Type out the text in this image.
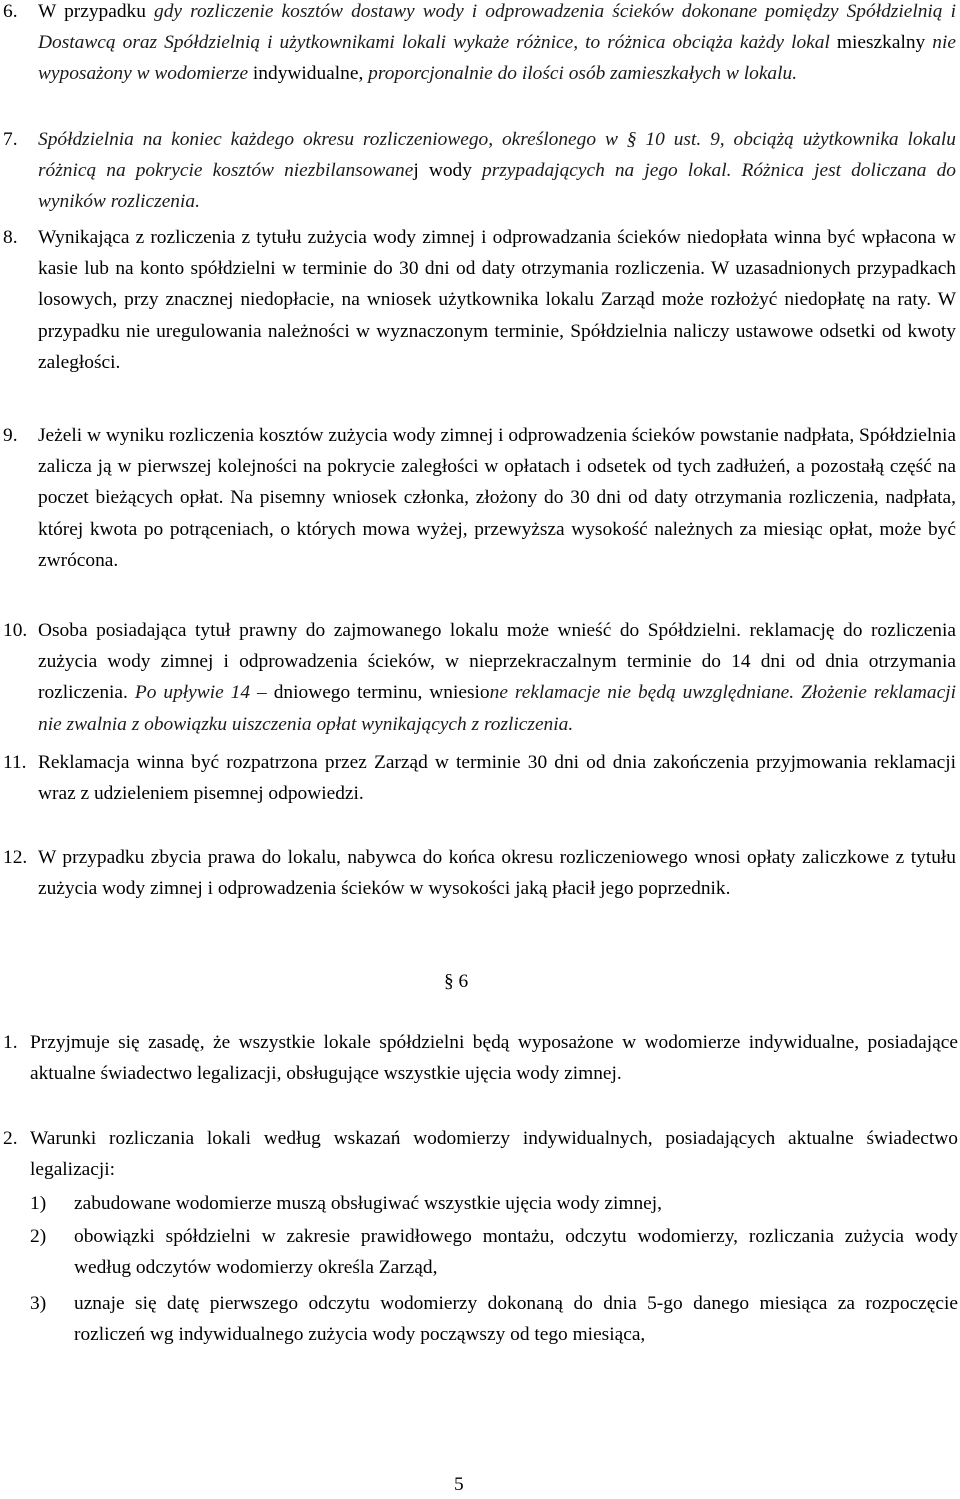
6. W przypadku gdy rozliczenie kosztów dostawy wody i odprowadzenia ścieków dokonane pomiędzy Spółdzielnią i Dostawcą oraz Spółdzielnią i użytkownikami lokali wykaże różnice, to różnica obciąża każdy lokal mieszkalny nie wyposażony w wodomierze indywidualne, proporcjonalnie do ilości osób zamieszkałych w lokalu.
7. Spółdzielnia na koniec każdego okresu rozliczeniowego, określonego w § 10 ust. 9, obciążą użytkownika lokalu różnicą na pokrycie kosztów niezbilansowanej wody przypadających na jego lokal. Różnica jest doliczana do wyników rozliczenia.
8. Wynikająca z rozliczenia z tytułu zużycia wody zimnej i odprowadzania ścieków niedopłata winna być wpłacona w kasie lub na konto spółdzielni w terminie do 30 dni od daty otrzymania rozliczenia. W uzasadnionych przypadkach losowych, przy znacznej niedopłacie, na wniosek użytkownika lokalu Zarząd może rozłożyć niedopłatę na raty. W przypadku nie uregulowania należności w wyznaczonym terminie, Spółdzielnia naliczy ustawowe odsetki od kwoty zaległości.
9. Jeżeli w wyniku rozliczenia kosztów zużycia wody zimnej i odprowadzenia ścieków powstanie nadpłata, Spółdzielnia zalicza ją w pierwszej kolejności na pokrycie zaległości w opłatach i odsetek od tych zadłużeń, a pozostałą część na poczet bieżących opłat. Na pisemny wniosek członka, złożony do 30 dni od daty otrzymania rozliczenia, nadpłata, której kwota po potrąceniach, o których mowa wyżej, przewyższa wysokość należnych za miesiąc opłat, może być zwrócona.
10. Osoba posiadająca tytuł prawny do zajmowanego lokalu może wnieść do Spółdzielni. reklamację do rozliczenia zużycia wody zimnej i odprowadzenia ścieków, w nieprzekraczalnym terminie do 14 dni od dnia otrzymania rozliczenia. Po upływie 14 – dniowego terminu, wniesione reklamacje nie będą uwzględniane. Złożenie reklamacji nie zwalnia z obowiązku uiszczenia opłat wynikających z rozliczenia.
11. Reklamacja winna być rozpatrzona przez Zarząd w terminie 30 dni od dnia zakończenia przyjmowania reklamacji wraz z udzieleniem pisemnej odpowiedzi.
12. W przypadku zbycia prawa do lokalu, nabywca do końca okresu rozliczeniowego wnosi opłaty zaliczkowe z tytułu zużycia wody zimnej i odprowadzenia ścieków w wysokości jaką płacił jego poprzednik.
§ 6
1. Przyjmuje się zasadę, że wszystkie lokale spółdzielni będą wyposażone w wodomierze indywidualne, posiadające aktualne świadectwo legalizacji, obsługujące wszystkie ujęcia wody zimnej.
2. Warunki rozliczania lokali według wskazań wodomierzy indywidualnych, posiadających aktualne świadectwo legalizacji:
1) zabudowane wodomierze muszą obsługiwać wszystkie ujęcia wody zimnej,
2) obowiązki spółdzielni w zakresie prawidłowego montażu, odczytu wodomierzy, rozliczania zużycia wody według odczytów wodomierzy określa Zarząd,
3) uznaje się datę pierwszego odczytu wodomierzy dokonaną do dnia 5-go danego miesiąca za rozpoczęcie rozliczeń wg indywidualnego zużycia wody począwszy od tego miesiąca,
5
